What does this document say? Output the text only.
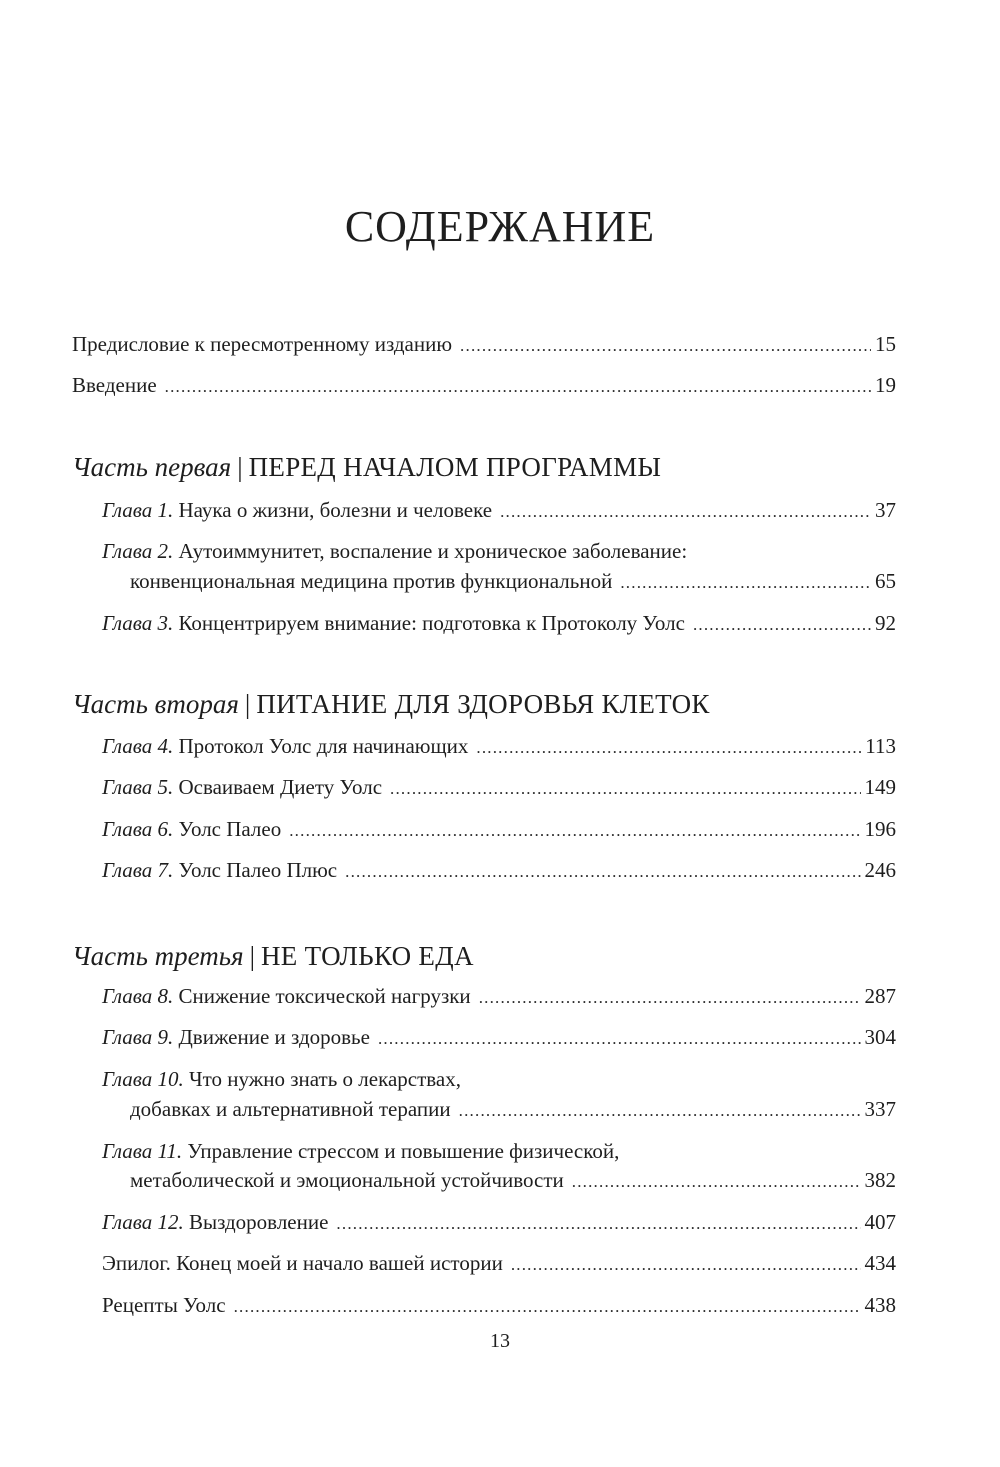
СОДЕРЖАНИЕ
Предисловие к пересмотренному изданию .....	15
Введение .....	19
Часть первая | ПЕРЕД НАЧАЛОМ ПРОГРАММЫ
Глава 1. Наука о жизни, болезни и человеке .....	37
Глава 2. Аутоиммунитет, воспаление и хроническое заболевание:
конвенциональная медицина против функциональной .....	65
Глава 3. Концентрируем внимание: подготовка к Протоколу Уолс .....	92
Часть вторая | ПИТАНИЕ ДЛЯ ЗДОРОВЬЯ КЛЕТОК
Глава 4. Протокол Уолс для начинающих .....	113
Глава 5. Осваиваем Диету Уолс .....	149
Глава 6. Уолс Палео .....	196
Глава 7. Уолс Палео Плюс .....	246
Часть третья | НЕ ТОЛЬКО ЕДА
Глава 8. Снижение токсической нагрузки .....	287
Глава 9. Движение и здоровье .....	304
Глава 10. Что нужно знать о лекарствах,
добавках и альтернативной терапии .....	337
Глава 11. Управление стрессом и повышение физической,
метаболической и эмоциональной устойчивости .....	382
Глава 12. Выздоровление .....	407
Эпилог. Конец моей и начало вашей истории .....	434
Рецепты Уолс .....	438
13
